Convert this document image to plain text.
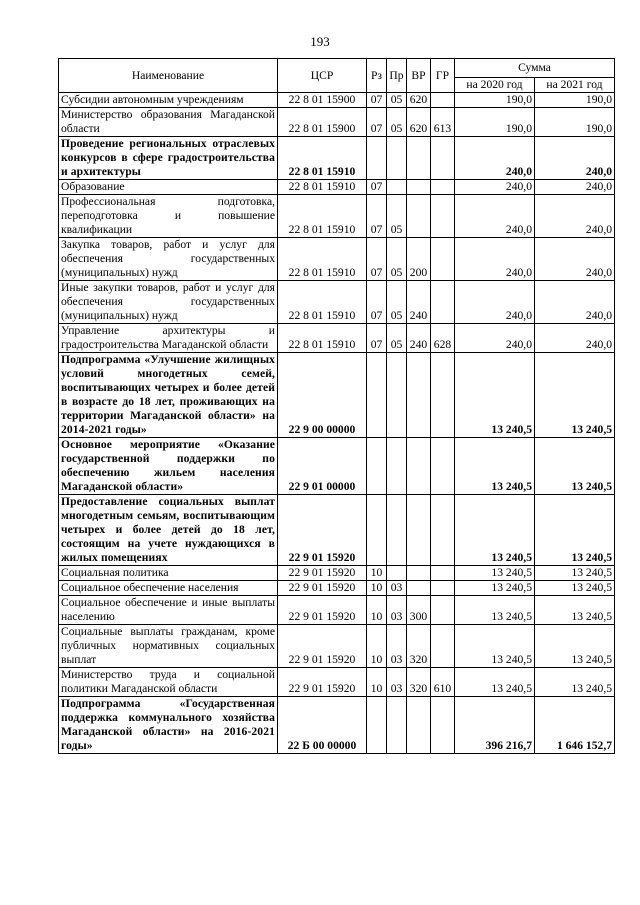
193
Наименование	ЦСР	Рз	Пр	ВР	ГР	Сумма	
						на 2020 год	на 2021 год
Субсидии автономным учреждениям	22 8 01 15900	07	05	620		190,0	190,0
Министерство образования Магаданской области	22 8 01 15900	07	05	620	613	190,0	190,0
Проведение региональных отраслевых конкурсов в сфере градостроительства и архитектуры	22 8 01 15910					240,0	240,0
Образование	22 8 01 15910	07				240,0	240,0
Профессиональная подготовка, переподготовка и повышение квалификации	22 8 01 15910	07	05			240,0	240,0
Закупка товаров, работ и услуг для обеспечения государственных (муниципальных) нужд	22 8 01 15910	07	05	200		240,0	240,0
Иные закупки товаров, работ и услуг для обеспечения государственных (муниципальных) нужд	22 8 01 15910	07	05	240		240,0	240,0
Управление архитектуры и градостроительства Магаданской области	22 8 01 15910	07	05	240	628	240,0	240,0
Подпрограмма «Улучшение жилищных условий многодетных семей, воспитывающих четырех и более детей в возрасте до 18 лет, проживающих на территории Магаданской области» на 2014-2021 годы»	22 9 00 00000					13 240,5	13 240,5
Основное мероприятие «Оказание государственной поддержки по обеспечению жильем населения Магаданской области»	22 9 01 00000					13 240,5	13 240,5
Предоставление социальных выплат многодетным семьям, воспитывающим четырех и более детей до 18 лет, состоящим на учете нуждающихся в жилых помещениях	22 9 01 15920					13 240,5	13 240,5
Социальная политика	22 9 01 15920	10				13 240,5	13 240,5
Социальное обеспечение населения	22 9 01 15920	10	03			13 240,5	13 240,5
Социальное обеспечение и иные выплаты населению	22 9 01 15920	10	03	300		13 240,5	13 240,5
Социальные выплаты гражданам, кроме публичных нормативных социальных выплат	22 9 01 15920	10	03	320		13 240,5	13 240,5
Министерство труда и социальной политики Магаданской области	22 9 01 15920	10	03	320	610	13 240,5	13 240,5
Подпрограмма «Государственная поддержка коммунального хозяйства Магаданской области» на 2016-2021 годы»	22 Б 00 00000					396 216,7	1 646 152,7
